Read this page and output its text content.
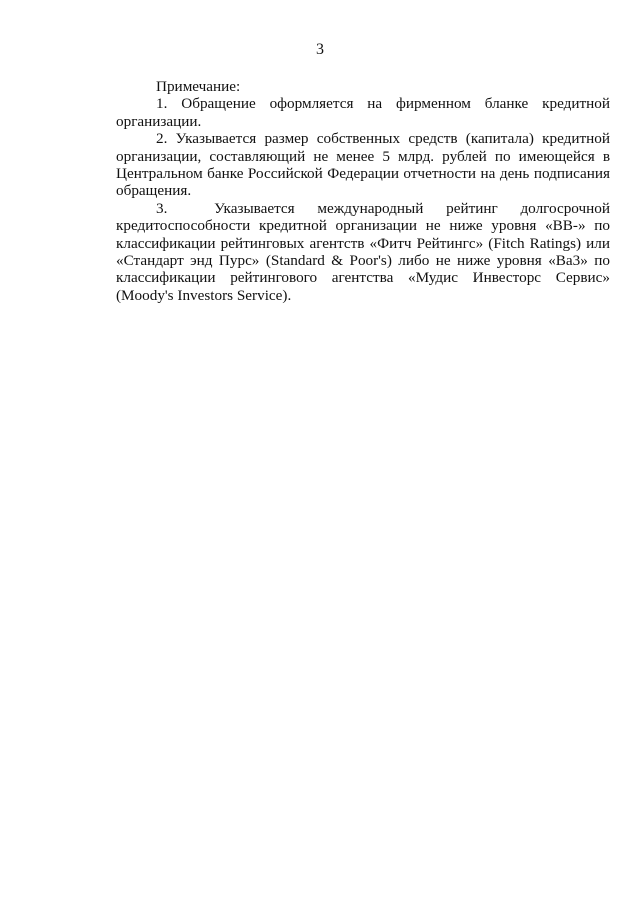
3

Примечание:

1. Обращение оформляется на фирменном бланке кредитной организации.

2. Указывается размер собственных средств (капитала) кредитной организации, составляющий не менее 5 млрд. рублей по имеющейся в Центральном банке Российской Федерации отчетности на день подписания обращения.

3.	Указывается международный рейтинг долгосрочной кредитоспособности кредитной организации не ниже уровня «ВВ-» по классификации рейтинговых агентств «Фитч Рейтингс» (Fitch Ratings) или «Стандарт энд Пурс» (Standard & Poor's) либо не ниже уровня «Ba3» по классификации рейтингового агентства «Мудис Инвесторс Сервис» (Moody's Investors Service).
